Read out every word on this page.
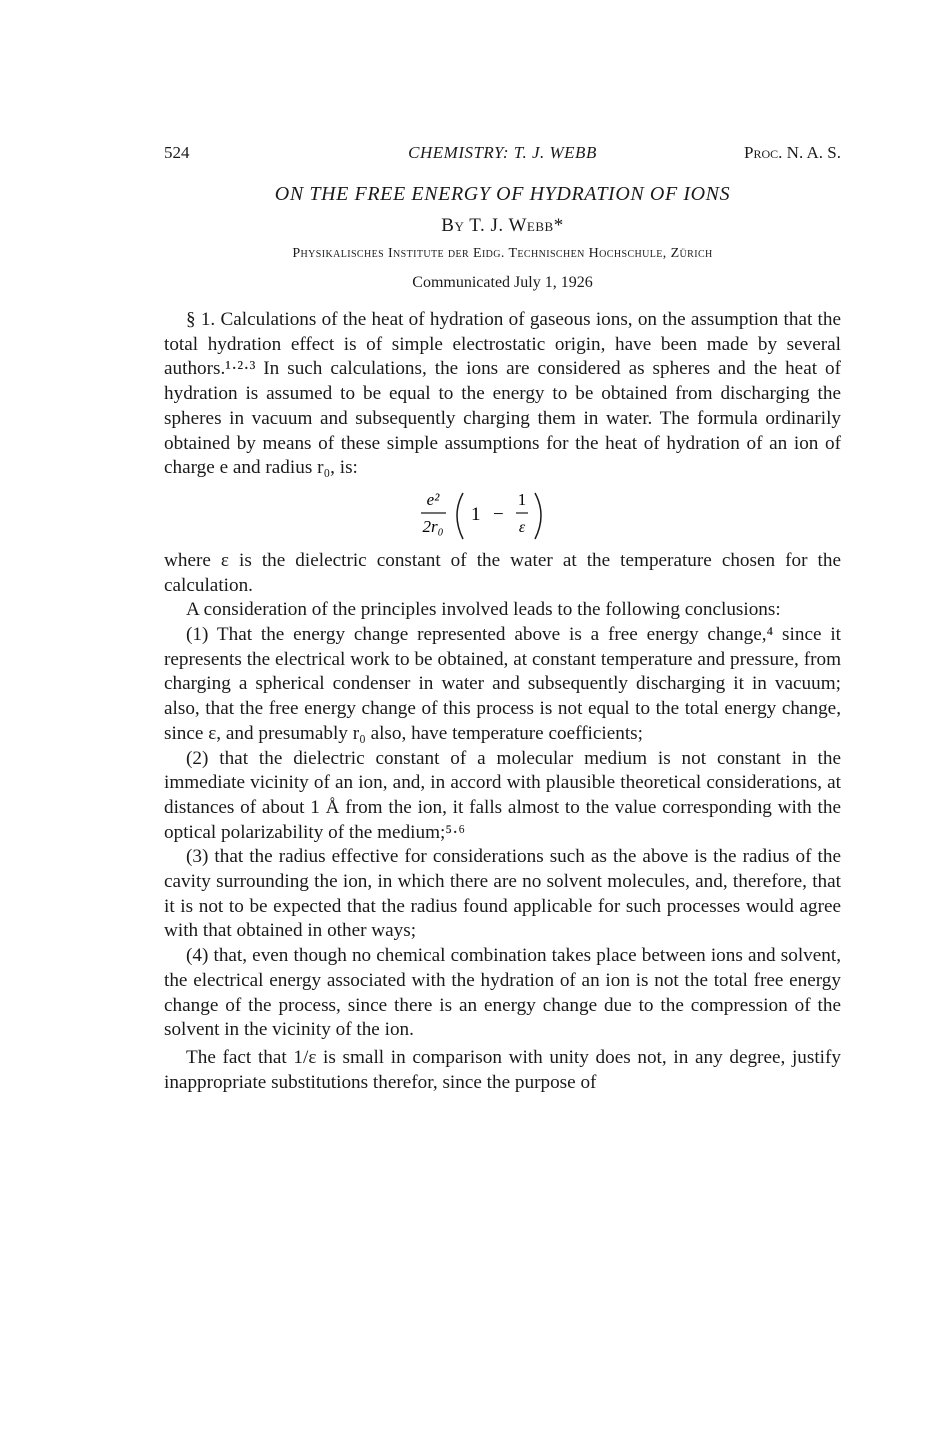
524	CHEMISTRY: T. J. WEBB	Proc. N. A. S.
ON THE FREE ENERGY OF HYDRATION OF IONS
By T. J. Webb*
Physikalisches Institute der Eidg. Technischen Hochschule, Zürich
Communicated July 1, 1926

§ 1. Calculations of the heat of hydration of gaseous ions, on the assumption that the total hydration effect is of simple electrostatic origin, have been made by several authors.¹·²·³ In such calculations, the ions are considered as spheres and the heat of hydration is assumed to be equal to the energy to be obtained from discharging the spheres in vacuum and subsequently charging them in water. The formula ordinarily obtained by means of these simple assumptions for the heat of hydration of an ion of charge e and radius r₀, is:

e²
2r₀
1 −
1
ε

where ε is the dielectric constant of the water at the temperature chosen for the calculation.

A consideration of the principles involved leads to the following conclusions:

(1) That the energy change represented above is a free energy change,⁴ since it represents the electrical work to be obtained, at constant temperature and pressure, from charging a spherical condenser in water and subsequently discharging it in vacuum; also, that the free energy change of this process is not equal to the total energy change, since ε, and presumably r₀ also, have temperature coefficients;

(2) that the dielectric constant of a molecular medium is not constant in the immediate vicinity of an ion, and, in accord with plausible theoretical considerations, at distances of about 1 Å from the ion, it falls almost to the value corresponding with the optical polarizability of the medium;⁵·⁶

(3) that the radius effective for considerations such as the above is the radius of the cavity surrounding the ion, in which there are no solvent molecules, and, therefore, that it is not to be expected that the radius found applicable for such processes would agree with that obtained in other ways;

(4) that, even though no chemical combination takes place between ions and solvent, the electrical energy associated with the hydration of an ion is not the total free energy change of the process, since there is an energy change due to the compression of the solvent in the vicinity of the ion.

The fact that 1/ε is small in comparison with unity does not, in any degree, justify inappropriate substitutions therefor, since the purpose of
